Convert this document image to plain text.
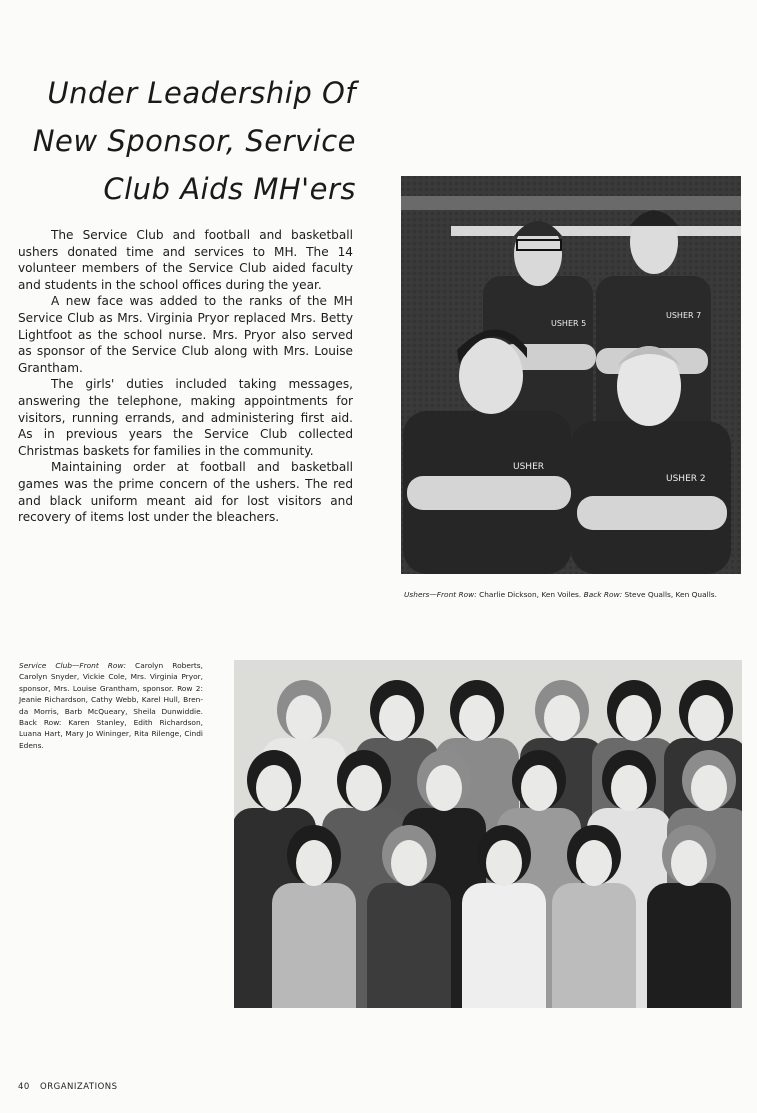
Under Leadership Of
New Sponsor, Service
Club Aids MH'ers

The Service Club and football and basketball ushers donated time and services to MH. The 14 volunteer members of the Service Club aided faculty and students in the school offices during the year.

A new face was added to the ranks of the MH Service Club as Mrs. Virginia Pryor replaced Mrs. Betty Lightfoot as the school nurse. Mrs. Pryor also served as sponsor of the Service Club along with Mrs. Louise Grantham.

The girls' duties included taking messages, answering the telephone, making appointments for visitors, running errands, and administering first aid. As in previous years the Service Club collected Christmas baskets for families in the community.

Maintaining order at football and basketball games was the prime concern of the ushers. The red and black uniform meant aid for lost visitors and recovery of items lost under the bleachers.

USHER 5
USHER 7
USHER
USHER 2
Ushers—Front Row: Charlie Dickson, Ken Voiles. Back Row: Steve Qualls, Ken Qualls.
Service Club—Front Row: Carolyn Roberts, Carolyn Snyder, Vickie Cole, Mrs. Virginia Pryor, sponsor, Mrs. Louise Grantham, sponsor. Row 2: Jeanie Richardson, Cathy Webb, Karel Hull, Brenda Morris, Barb McQueary, Sheila Dunwiddie. Back Row: Karen Stanley, Edith Richardson, Luana Hart, Mary Jo Wininger, Rita Rilenge, Cindi Edens.
40 ORGANIZATIONS
